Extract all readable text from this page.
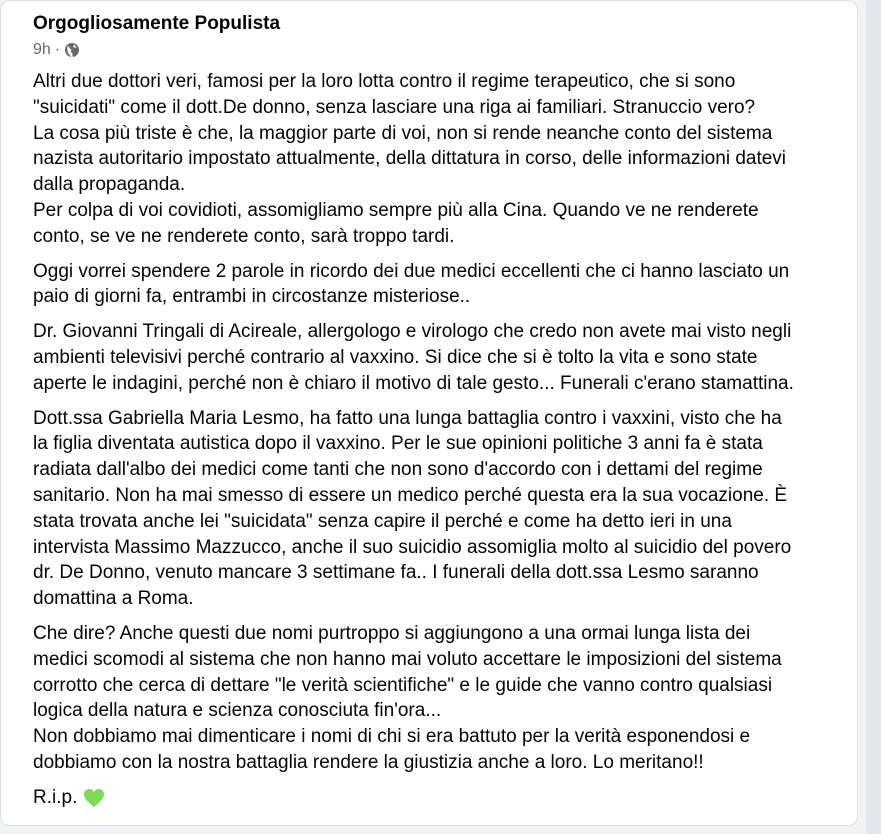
Orgogliosamente Populista
9h ·
Altri due dottori veri, famosi per la loro lotta contro il regime terapeutico, che si sono
"suicidati" come il dott.De donno, senza lasciare una riga ai familiari. Stranuccio vero?
La cosa più triste è che, la maggior parte di voi, non si rende neanche conto del sistema
nazista autoritario impostato attualmente, della dittatura in corso, delle informazioni datevi
dalla propaganda.
Per colpa di voi covidioti, assomigliamo sempre più alla Cina. Quando ve ne renderete
conto, se ve ne renderete conto, sarà troppo tardi.
Oggi vorrei spendere 2 parole in ricordo dei due medici eccellenti che ci hanno lasciato un
paio di giorni fa, entrambi in circostanze misteriose..
Dr. Giovanni Tringali di Acireale, allergologo e virologo che credo non avete mai visto negli
ambienti televisivi perché contrario al vaxxino. Si dice che si è tolto la vita e sono state
aperte le indagini, perché non è chiaro il motivo di tale gesto... Funerali c'erano stamattina.
Dott.ssa Gabriella Maria Lesmo, ha fatto una lunga battaglia contro i vaxxini, visto che ha
la figlia diventata autistica dopo il vaxxino. Per le sue opinioni politiche 3 anni fa è stata
radiata dall'albo dei medici come tanti che non sono d'accordo con i dettami del regime
sanitario. Non ha mai smesso di essere un medico perché questa era la sua vocazione. È
stata trovata anche lei "suicidata" senza capire il perché e come ha detto ieri in una
intervista Massimo Mazzucco, anche il suo suicidio assomiglia molto al suicidio del povero
dr. De Donno, venuto mancare 3 settimane fa.. I funerali della dott.ssa Lesmo saranno
domattina a Roma.
Che dire? Anche questi due nomi purtroppo si aggiungono a una ormai lunga lista dei
medici scomodi al sistema che non hanno mai voluto accettare le imposizioni del sistema
corrotto che cerca di dettare "le verità scientifiche" e le guide che vanno contro qualsiasi
logica della natura e scienza conosciuta fin'ora...
Non dobbiamo mai dimenticare i nomi di chi si era battuto per la verità esponendosi e
dobbiamo con la nostra battaglia rendere la giustizia anche a loro. Lo meritano!!
R.i.p.
